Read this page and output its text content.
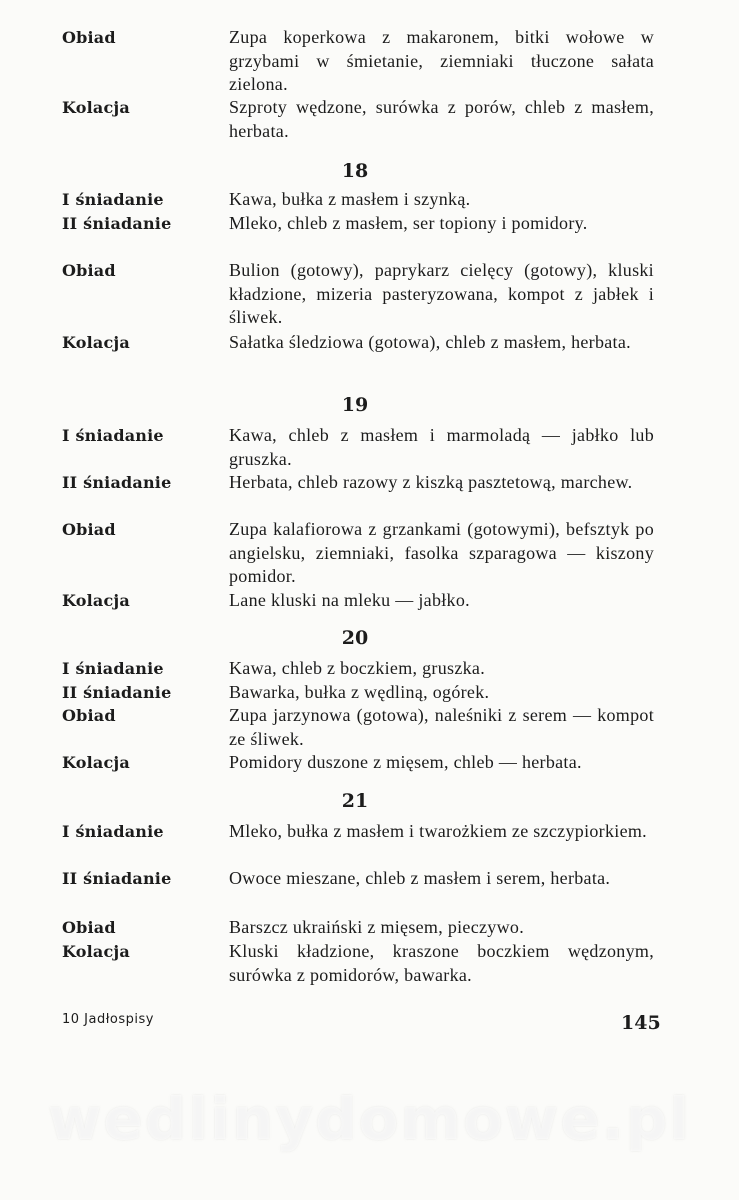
Obiad	Zupa koperkowa z makaronem, bitki wołowe w grzybami w śmietanie, ziemniaki tłuczone sałata zielona.
Kolacja	Szproty wędzone, surówka z porów, chleb z masłem, herbata.
18
I śniadanie	Kawa, bułka z masłem i szynką.
II śniadanie	Mleko, chleb z masłem, ser topiony i pomidory.
Obiad	Bulion (gotowy), paprykarz cielęcy (gotowy), kluski kładzione, mizeria pasteryzowana, kompot z jabłek i śliwek.
Kolacja	Sałatka śledziowa (gotowa), chleb z masłem, herbata.
19
I śniadanie	Kawa, chleb z masłem i marmoladą — jabłko lub gruszka.
II śniadanie	Herbata, chleb razowy z kiszką pasztetową, marchew.
Obiad	Zupa kalafiorowa z grzankami (gotowymi), befsztyk po angielsku, ziemniaki, fasolka szparagowa — kiszony pomidor.
Kolacja	Lane kluski na mleku — jabłko.
20
I śniadanie	Kawa, chleb z boczkiem, gruszka.
II śniadanie	Bawarka, bułka z wędliną, ogórek.
Obiad	Zupa jarzynowa (gotowa), naleśniki z serem — kompot ze śliwek.
Kolacja	Pomidory duszone z mięsem, chleb — herbata.
21
I śniadanie	Mleko, bułka z masłem i twarożkiem ze szczypiorkiem.
II śniadanie	Owoce mieszane, chleb z masłem i serem, herbata.
Obiad	Barszcz ukraiński z mięsem, pieczywo.
Kolacja	Kluski kładzione, kraszone boczkiem wędzonym, surówka z pomidorów, bawarka.
10 Jadłospisy	145
wedlinydomowe.pl
